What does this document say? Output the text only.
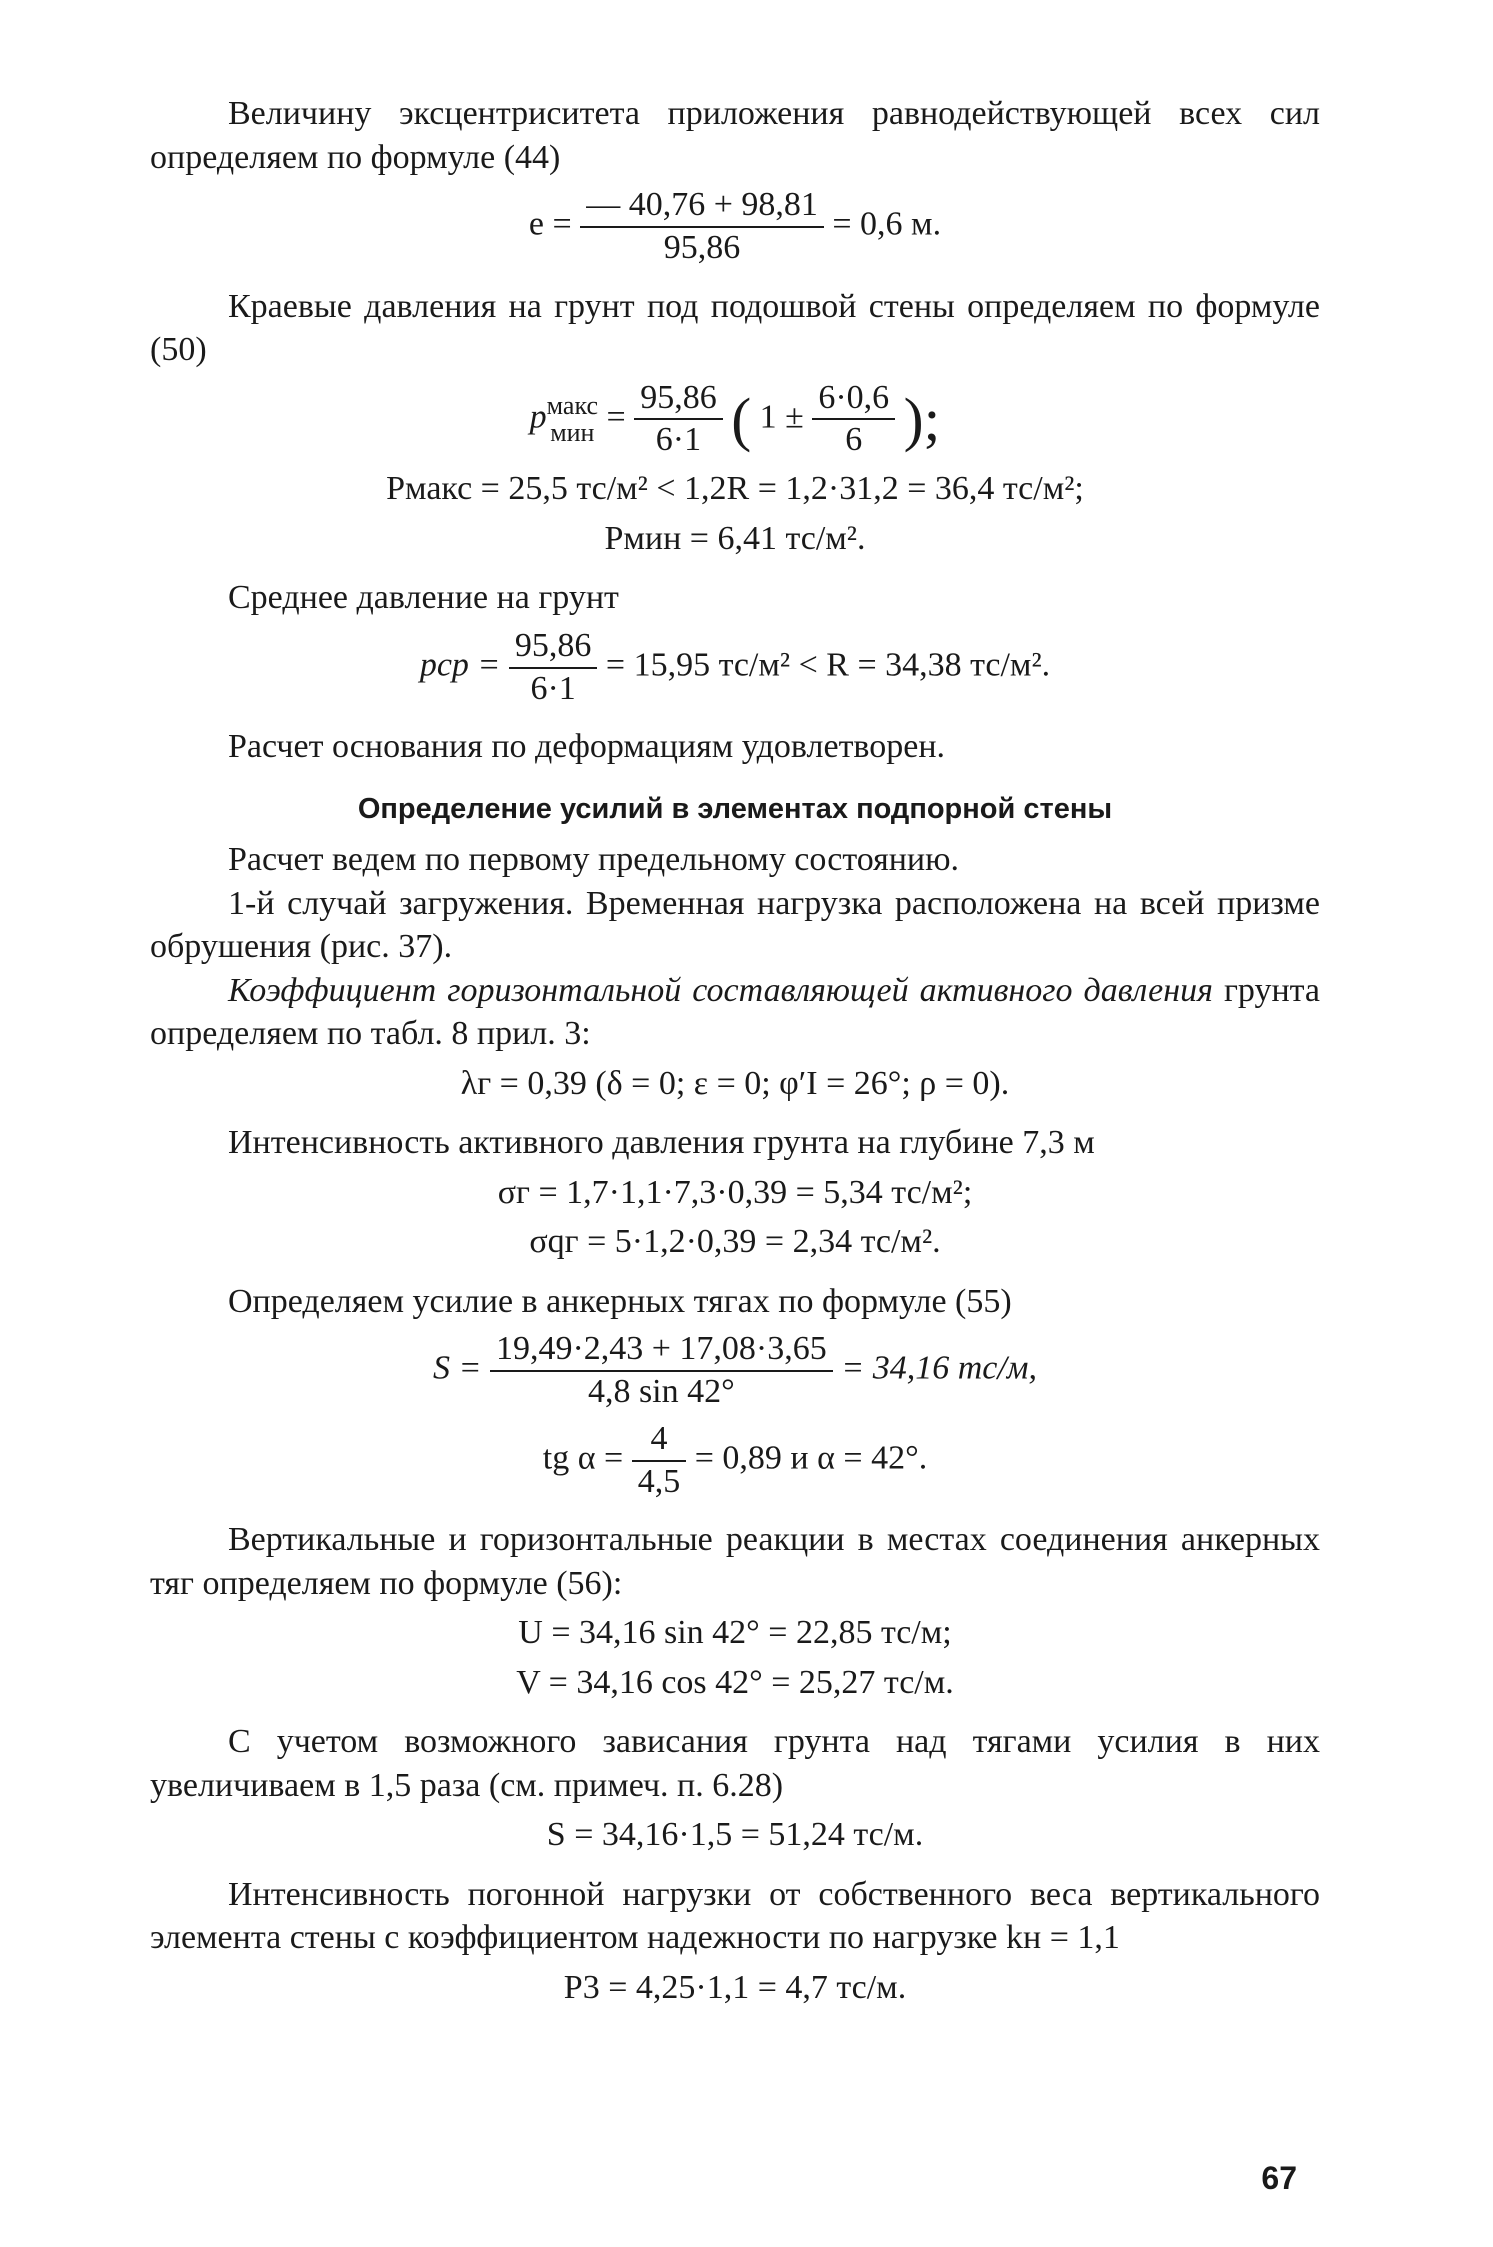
Величину эксцентриситета приложения равнодействующей всех сил определяем по формуле (44)

$e = \frac{— 40,76 + 98,81}{95,86} = 0,6$ м.

Краевые давления на грунт под подошвой стены определяем по формуле (50)

p макс
мин = $\frac{95,86}{6\cdot 1}$ ( $1 \pm \frac{6\cdot 0,6}{6}$ );
Pмакс = 25,5 тс/м² < 1,2R = 1,2·31,2 = 36,4 тс/м²;
Pмин = 6,41 тс/м².

Среднее давление на грунт

pср = $\frac{95,86}{6\cdot 1} = 15,95$ тс/м² < R = 34,38 тс/м².

Расчет основания по деформациям удовлетворен.

Определение усилий в элементах подпорной стены

Расчет ведем по первому предельному состоянию.

1-й случай загружения. Временная нагрузка расположена на всей призме обрушения (рис. 37).

Коэффициент горизонтальной составляющей активного давления грунта определяем по табл. 8 прил. 3:

λг = 0,39 (δ = 0; ε = 0; φ′I = 26°; ρ = 0).

Интенсивность активного давления грунта на глубине 7,3 м

σг = 1,7·1,1·7,3·0,39 = 5,34 тс/м²;
σqг = 5·1,2·0,39 = 2,34 тс/м².

Определяем усилие в анкерных тягах по формуле (55)

$S = \frac{19,49\cdot 2,43 + 17,08\cdot 3,65}{4,8 \sin 42^\circ} = 34,16$ тс/м,
tg $\alpha = \frac{4}{4,5} = 0,89$ и α = 42°.

Вертикальные и горизонтальные реакции в местах соединения анкерных тяг определяем по формуле (56):

U = 34,16 sin 42° = 22,85 тс/м;
V = 34,16 cos 42° = 25,27 тс/м.

С учетом возможного зависания грунта над тягами усилия в них увеличиваем в 1,5 раза (см. примеч. п. 6.28)

S = 34,16·1,5 = 51,24 тс/м.

Интенсивность погонной нагрузки от собственного веса вертикального элемента стены с коэффициентом надежности по нагрузке kн = 1,1

P3 = 4,25·1,1 = 4,7 тс/м.
67
